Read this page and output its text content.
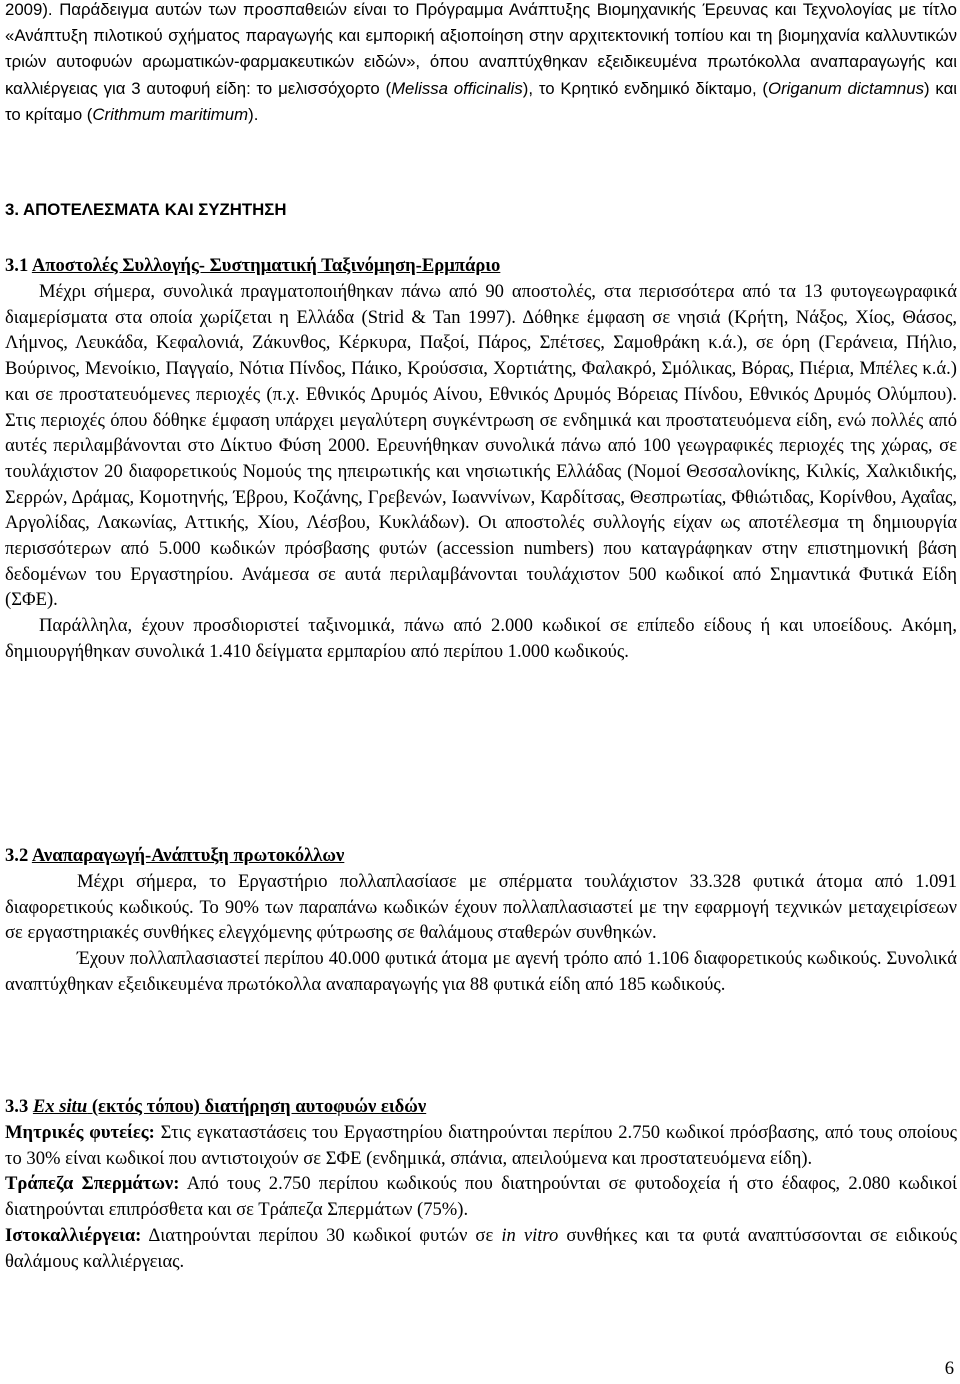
2009). Παράδειγμα αυτών των προσπαθειών είναι το Πρόγραμμα Ανάπτυξης Βιομηχανικής Έρευνας και Τεχνολογίας με τίτλο «Ανάπτυξη πιλοτικού σχήματος παραγωγής και εμπορική αξιοποίηση στην αρχιτεκτονική τοπίου και τη βιομηχανία καλλυντικών τριών αυτοφυών αρωματικών-φαρμακευτικών ειδών», όπου αναπτύχθηκαν εξειδικευμένα πρωτόκολλα αναπαραγωγής και καλλιέργειας για 3 αυτοφυή είδη: το μελισσόχορτο (Melissa officinalis), το Κρητικό ενδημικό δίκταμο, (Origanum dictamnus) και το κρίταμο (Crithmum maritimum).

3. ΑΠΟΤΕΛΕΣΜΑΤΑ ΚΑΙ ΣΥΖΗΤΗΣΗ
3.1 Αποστολές Συλλογής- Συστηματική Ταξινόμηση-Ερμπάριο

Μέχρι σήμερα, συνολικά πραγματοποιήθηκαν πάνω από 90 αποστολές, στα περισσότερα από τα 13 φυτογεωγραφικά διαμερίσματα στα οποία χωρίζεται η Ελλάδα (Strid & Tan 1997). Δόθηκε έμφαση σε νησιά (Κρήτη, Νάξος, Χίος, Θάσος, Λήμνος, Λευκάδα, Κεφαλονιά, Ζάκυνθος, Κέρκυρα, Παξοί, Πάρος, Σπέτσες, Σαμοθράκη κ.ά.), σε όρη (Γεράνεια, Πήλιο, Βούρινος, Μενοίκιο, Παγγαίο, Νότια Πίνδος, Πάικο, Κρούσσια, Χορτιάτης, Φαλακρό, Σμόλικας, Βόρας, Πιέρια, Μπέλες κ.ά.) και σε προστατευόμενες περιοχές (π.χ. Εθνικός Δρυμός Αίνου, Εθνικός Δρυμός Βόρειας Πίνδου, Εθνικός Δρυμός Ολύμπου). Στις περιοχές όπου δόθηκε έμφαση υπάρχει μεγαλύτερη συγκέντρωση σε ενδημικά και προστατευόμενα είδη, ενώ πολλές από αυτές περιλαμβάνονται στο Δίκτυο Φύση 2000. Ερευνήθηκαν συνολικά πάνω από 100 γεωγραφικές περιοχές της χώρας, σε τουλάχιστον 20 διαφορετικούς Νομούς της ηπειρωτικής και νησιωτικής Ελλάδας (Νομοί Θεσσαλονίκης, Κιλκίς, Χαλκιδικής, Σερρών, Δράμας, Κομοτηνής, Έβρου, Κοζάνης, Γρεβενών, Ιωαννίνων, Καρδίτσας, Θεσπρωτίας, Φθιώτιδας, Κορίνθου, Αχαΐας, Αργολίδας, Λακωνίας, Αττικής, Χίου, Λέσβου, Κυκλάδων). Οι αποστολές συλλογής είχαν ως αποτέλεσμα τη δημιουργία περισσότερων από 5.000 κωδικών πρόσβασης φυτών (accession numbers) που καταγράφηκαν στην επιστημονική βάση δεδομένων του Εργαστηρίου. Ανάμεσα σε αυτά περιλαμβάνονται τουλάχιστον 500 κωδικοί από Σημαντικά Φυτικά Είδη (ΣΦΕ).

Παράλληλα, έχουν προσδιοριστεί ταξινομικά, πάνω από 2.000 κωδικοί σε επίπεδο είδους ή και υποείδους. Ακόμη, δημιουργήθηκαν συνολικά 1.410 δείγματα ερμπαρίου από περίπου 1.000 κωδικούς.

3.2 Αναπαραγωγή-Ανάπτυξη πρωτοκόλλων

Μέχρι σήμερα, το Εργαστήριο πολλαπλασίασε με σπέρματα τουλάχιστον 33.328 φυτικά άτομα από 1.091 διαφορετικούς κωδικούς. Το 90% των παραπάνω κωδικών έχουν πολλαπλασιαστεί με την εφαρμογή τεχνικών μεταχειρίσεων σε εργαστηριακές συνθήκες ελεγχόμενης φύτρωσης σε θαλάμους σταθερών συνθηκών.

Έχουν πολλαπλασιαστεί περίπου 40.000 φυτικά άτομα με αγενή τρόπο από 1.106 διαφορετικούς κωδικούς. Συνολικά αναπτύχθηκαν εξειδικευμένα πρωτόκολλα αναπαραγωγής για 88 φυτικά είδη από 185 κωδικούς.

3.3 Ex situ (εκτός τόπου) διατήρηση αυτοφυών ειδών

Μητρικές φυτείες: Στις εγκαταστάσεις του Εργαστηρίου διατηρούνται περίπου 2.750 κωδικοί πρόσβασης, από τους οποίους το 30% είναι κωδικοί που αντιστοιχούν σε ΣΦΕ (ενδημικά, σπάνια, απειλούμενα και προστατευόμενα είδη).

Τράπεζα Σπερμάτων: Από τους 2.750 περίπου κωδικούς που διατηρούνται σε φυτοδοχεία ή στο έδαφος, 2.080 κωδικοί διατηρούνται επιπρόσθετα και σε Τράπεζα Σπερμάτων (75%).

Ιστοκαλλιέργεια: Διατηρούνται περίπου 30 κωδικοί φυτών σε in vitro συνθήκες και τα φυτά αναπτύσσονται σε ειδικούς θαλάμους καλλιέργειας.

6
